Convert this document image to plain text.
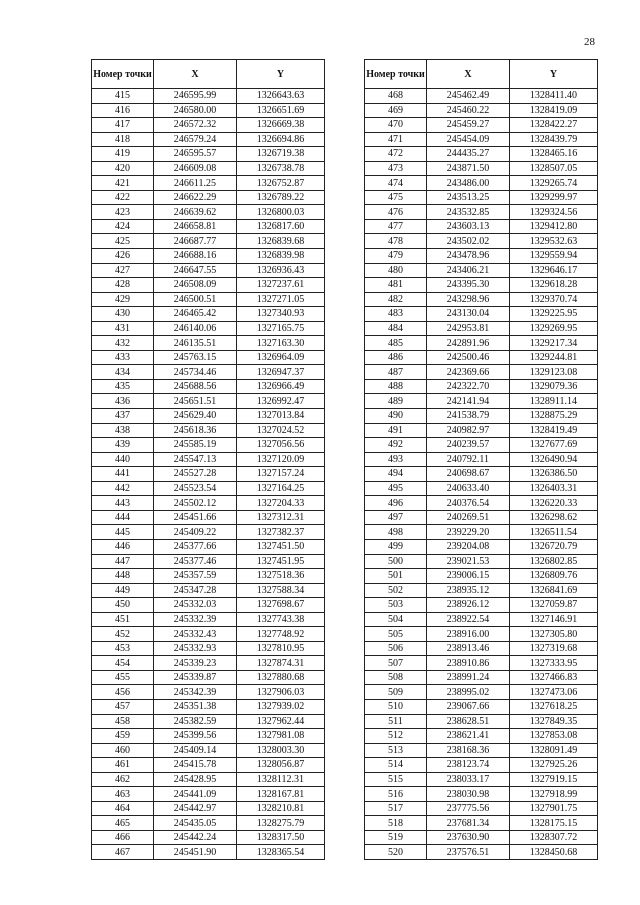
28
Номер точки	X	Y
415	246595.99	1326643.63
416	246580.00	1326651.69
417	246572.32	1326669.38
418	246579.24	1326694.86
419	246595.57	1326719.38
420	246609.08	1326738.78
421	246611.25	1326752.87
422	246622.29	1326789.22
423	246639.62	1326800.03
424	246658.81	1326817.60
425	246687.77	1326839.68
426	246688.16	1326839.98
427	246647.55	1326936.43
428	246508.09	1327237.61
429	246500.51	1327271.05
430	246465.42	1327340.93
431	246140.06	1327165.75
432	246135.51	1327163.30
433	245763.15	1326964.09
434	245734.46	1326947.37
435	245688.56	1326966.49
436	245651.51	1326992.47
437	245629.40	1327013.84
438	245618.36	1327024.52
439	245585.19	1327056.56
440	245547.13	1327120.09
441	245527.28	1327157.24
442	245523.54	1327164.25
443	245502.12	1327204.33
444	245451.66	1327312.31
445	245409.22	1327382.37
446	245377.66	1327451.50
447	245377.46	1327451.95
448	245357.59	1327518.36
449	245347.28	1327588.34
450	245332.03	1327698.67
451	245332.39	1327743.38
452	245332.43	1327748.92
453	245332.93	1327810.95
454	245339.23	1327874.31
455	245339.87	1327880.68
456	245342.39	1327906.03
457	245351.38	1327939.02
458	245382.59	1327962.44
459	245399.56	1327981.08
460	245409.14	1328003.30
461	245415.78	1328056.87
462	245428.95	1328112.31
463	245441.09	1328167.81
464	245442.97	1328210.81
465	245435.05	1328275.79
466	245442.24	1328317.50
467	245451.90	1328365.54
Номер точки	X	Y
468	245462.49	1328411.40
469	245460.22	1328419.09
470	245459.27	1328422.27
471	245454.09	1328439.79
472	244435.27	1328465.16
473	243871.50	1328507.05
474	243486.00	1329265.74
475	243513.25	1329299.97
476	243532.85	1329324.56
477	243603.13	1329412.80
478	243502.02	1329532.63
479	243478.96	1329559.94
480	243406.21	1329646.17
481	243395.30	1329618.28
482	243298.96	1329370.74
483	243130.04	1329225.95
484	242953.81	1329269.95
485	242891.96	1329217.34
486	242500.46	1329244.81
487	242369.66	1329123.08
488	242322.70	1329079.36
489	242141.94	1328911.14
490	241538.79	1328875.29
491	240982.97	1328419.49
492	240239.57	1327677.69
493	240792.11	1326490.94
494	240698.67	1326386.50
495	240633.40	1326403.31
496	240376.54	1326220.33
497	240269.51	1326298.62
498	239229.20	1326511.54
499	239204.08	1326720.79
500	239021.53	1326802.85
501	239006.15	1326809.76
502	238935.12	1326841.69
503	238926.12	1327059.87
504	238922.54	1327146.91
505	238916.00	1327305.80
506	238913.46	1327319.68
507	238910.86	1327333.95
508	238991.24	1327466.83
509	238995.02	1327473.06
510	239067.66	1327618.25
511	238628.51	1327849.35
512	238621.41	1327853.08
513	238168.36	1328091.49
514	238123.74	1327925.26
515	238033.17	1327919.15
516	238030.98	1327918.99
517	237775.56	1327901.75
518	237681.34	1328175.15
519	237630.90	1328307.72
520	237576.51	1328450.68
